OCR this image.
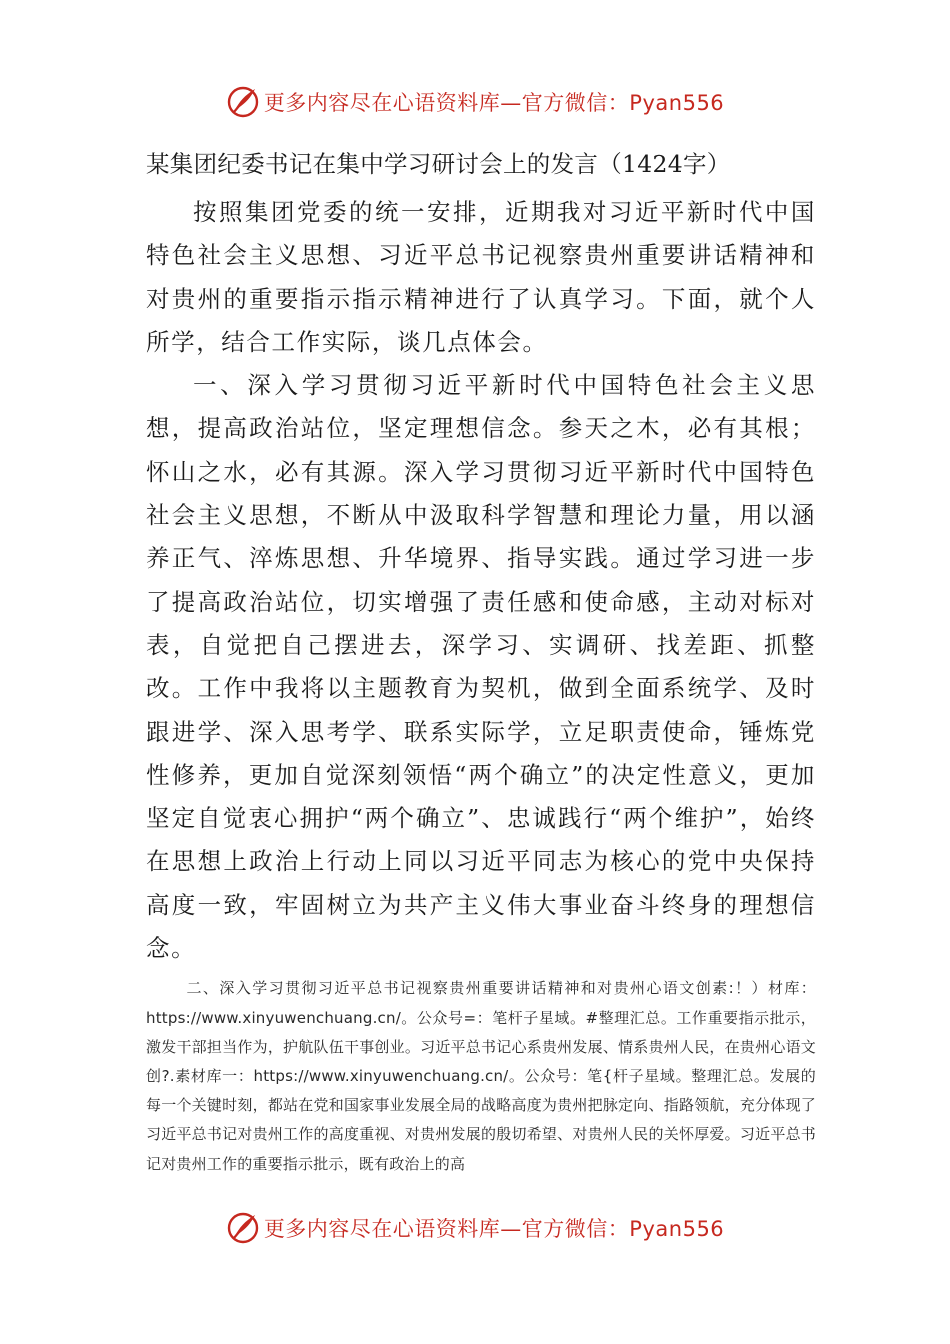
更多内容尽在心语资料库—官方微信：Pyan556

某集团纪委书记在集中学习研讨会上的发言（1424字）

按照集团党委的统一安排，近期我对习近平新时代中国特色社会主义思想、习近平总书记视察贵州重要讲话精神和对贵州的重要指示指示精神进行了认真学习。下面，就个人所学，结合工作实际，谈几点体会。

一、深入学习贯彻习近平新时代中国特色社会主义思想，提高政治站位，坚定理想信念。参天之木，必有其根；怀山之水，必有其源。深入学习贯彻习近平新时代中国特色社会主义思想，不断从中汲取科学智慧和理论力量，用以涵养正气、淬炼思想、升华境界、指导实践。通过学习进一步了提高政治站位，切实增强了责任感和使命感，主动对标对表，自觉把自己摆进去，深学习、实调研、找差距、抓整改。工作中我将以主题教育为契机，做到全面系统学、及时跟进学、深入思考学、联系实际学，立足职责使命，锤炼党性修养，更加自觉深刻领悟“两个确立”的决定性意义，更加坚定自觉衷心拥护“两个确立”、忠诚践行“两个维护”，始终在思想上政治上行动上同以习近平同志为核心的党中央保持高度一致，牢固树立为共产主义伟大事业奋斗终身的理想信念。

二、深入学习贯彻习近平总书记视察贵州重要讲话精神和对贵州心语文创素:！）材库：https://www.xinyuwenchuang.cn/。公众号=：笔杆子星域。#整理汇总。工作重要指示批示，激发干部担当作为，护航队伍干事创业。习近平总书记心系贵州发展、情系贵州人民，在贵州心语文创?.素材库一：https://www.xinyuwenchuang.cn/。公众号：笔{杆子星域。整理汇总。发展的每一个关键时刻，都站在党和国家事业发展全局的战略高度为贵州把脉定向、指路领航，充分体现了习近平总书记对贵州工作的高度重视、对贵州发展的殷切希望、对贵州人民的关怀厚爱。习近平总书记对贵州工作的重要指示批示，既有政治上的高

更多内容尽在心语资料库—官方微信：Pyan556
